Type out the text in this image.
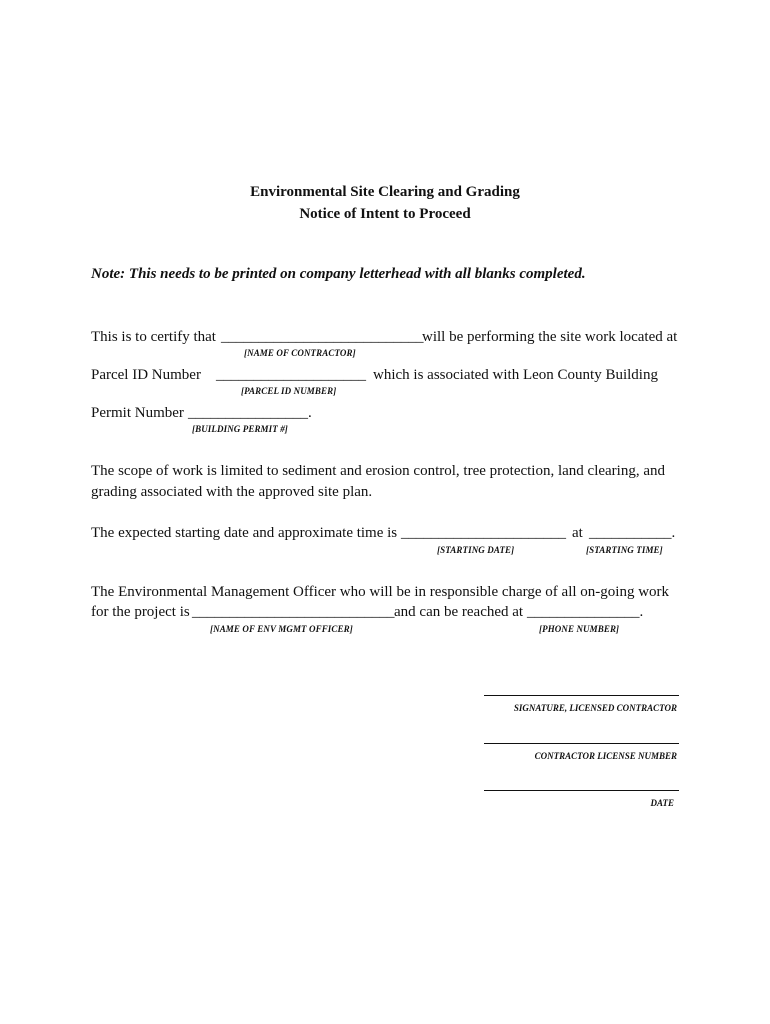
Environmental Site Clearing and Grading
Notice of Intent to Proceed
Note: This needs to be printed on company letterhead with all blanks completed.
This is to certify that ___________________________
will be performing the site work located at
[NAME OF CONTRACTOR]
Parcel ID Number ____________________ which is associated with Leon County Building
[PARCEL ID NUMBER]
Permit Number ________________.
[BUILDING PERMIT #]
The scope of work is limited to sediment and erosion control, tree protection, land clearing, and
grading associated with the approved site plan.
The expected starting date and approximate time is ______________________ at ___________.
[STARTING DATE]	[STARTING TIME]
The Environmental Management Officer who will be in responsible charge of all on-going work
for the project is ___________________________ and can be reached at _______________.
[NAME OF ENV MGMT OFFICER]	[PHONE NUMBER]
SIGNATURE, LICENSED CONTRACTOR
CONTRACTOR LICENSE NUMBER
DATE
